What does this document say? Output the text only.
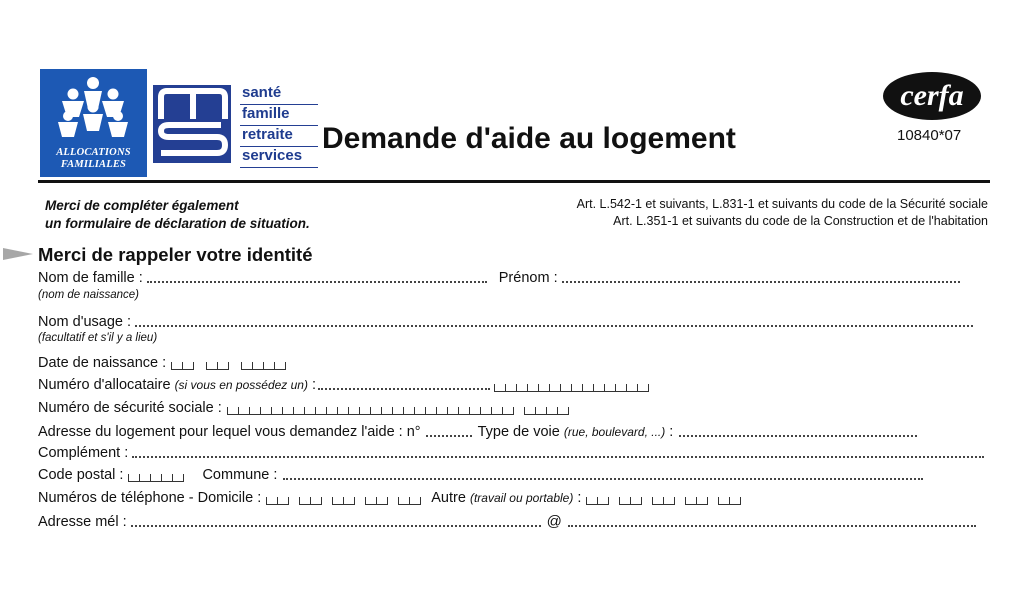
ALLOCATIONS
FAMILIALES
santé
famille
retraite
services
Demande d'aide au logement
cerfa
10840*07
Merci de compléter également
un formulaire de déclaration de situation.
Art. L.542-1 et suivants, L.831-1 et suivants du code de la Sécurité sociale
Art. L.351-1 et suivants du code de la Construction et de l'habitation
Merci de rappeler votre identité
Nom de famille :	Prénom :
(nom de naissance)
Nom d'usage :
(facultatif et s'il y a lieu)
Date de naissance :
Numéro d'allocataire (si vous en possédez un) :
Numéro de sécurité sociale :
Adresse du logement pour lequel vous demandez l'aide : n°	Type de voie (rue, boulevard, ...) :
Complément :
Code postal :	Commune :
Numéros de téléphone - Domicile :	Autre (travail ou portable) :
Adresse mél :	@
